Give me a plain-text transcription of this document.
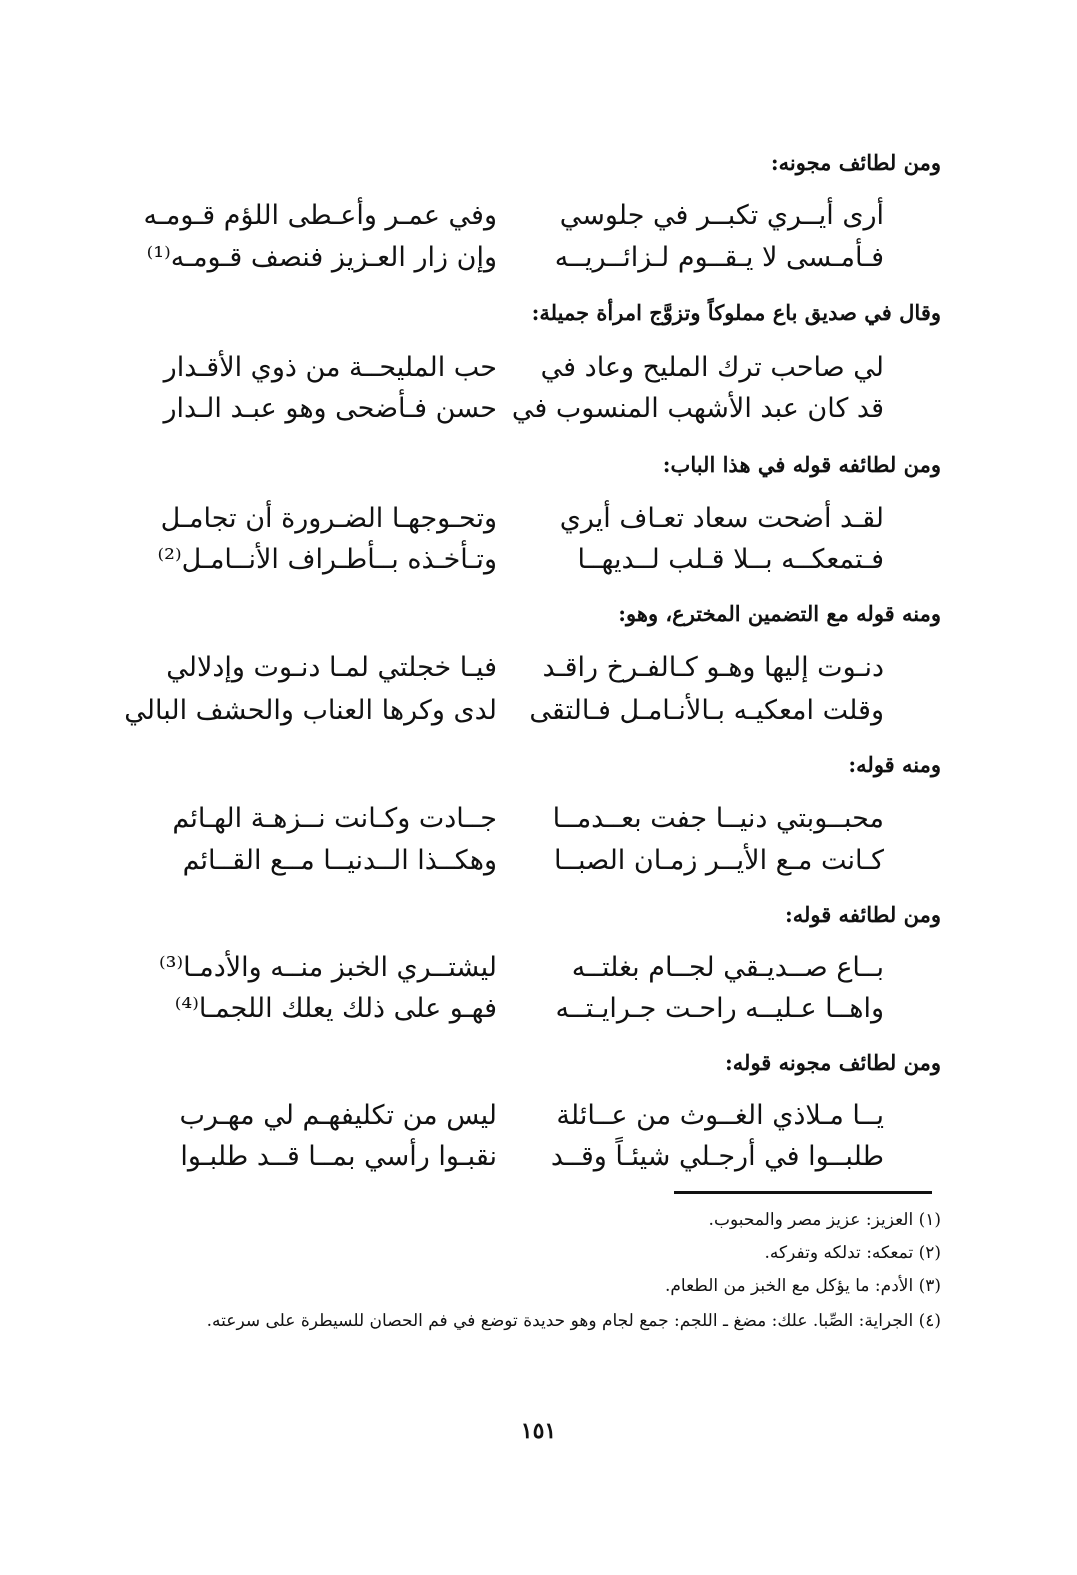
ومن لطائف مجونه:
أرى أيــري تكبــر في جلوسي
وفي عمـر وأعـطى اللؤم قـومـه
فـأمـسى لا يـقــوم لـزائــريــه
وإن زار العـزيز فنصف قـومـه⁽¹⁾
وقال في صديق باع مملوكاً وتزوَّج امرأة جميلة:
لي صاحب ترك المليح وعاد في
حب المليحــة من ذوي الأقـدار
قد كان عبد الأشهب المنسوب في
حسن فـأضحى وهو عبـد الـدار
ومن لطائفه قوله في هذا الباب:
لقـد أضحت سعاد تعـاف أيري
وتحـوجهـا الضـرورة أن تجامـل
فـتمعكــه بــلا قـلب لــديهــا
وتـأخـذه بــأطـراف الأنــامـل⁽²⁾
ومنه قوله مع التضمين المخترع، وهو:
دنـوت إليها وهـو كـالفـرخ راقـد
فيـا خجلتي لمـا دنـوت وإدلالي
وقلت امعكيـه بـالأنـامـل فـالتقى
لدى وكرها العناب والحشف البالي
ومنه قوله:
محبــوبتي دنيــا جفت بعــدمــا
جــادت وكـانت نــزهـة الهـائم
كـانت مـع الأيــر زمـان الصبــا
وهكــذا الــدنيــا مــع القــائم
ومن لطائفه قوله:
بــاع صــديـقي لجــام بغلتــه
ليشتــري الخبز منــه والأدمـا⁽³⁾
واهــا عـليــه راحـت جـرايـتــه
فهـو على ذلك يعلك اللجمـا⁽⁴⁾
ومن لطائف مجونه قوله:
يــا مـلاذي الغــوث من عــائلة
ليس من تكليفهـم لي مهـرب
طلبــوا في أرجـلي شيئـاً وقــد
نقبـوا رأسي بمــا قــد طلبـوا
(١) العزيز: عزيز مصر والمحبوب.
(٢) تمعكه: تدلكه وتفركه.
(٣) الأدم: ما يؤكل مع الخبز من الطعام.
(٤) الجراية: الصِّبا. علك: مضغ ـ اللجم: جمع لجام وهو حديدة توضع في فم الحصان للسيطرة على سرعته.
١٥١
